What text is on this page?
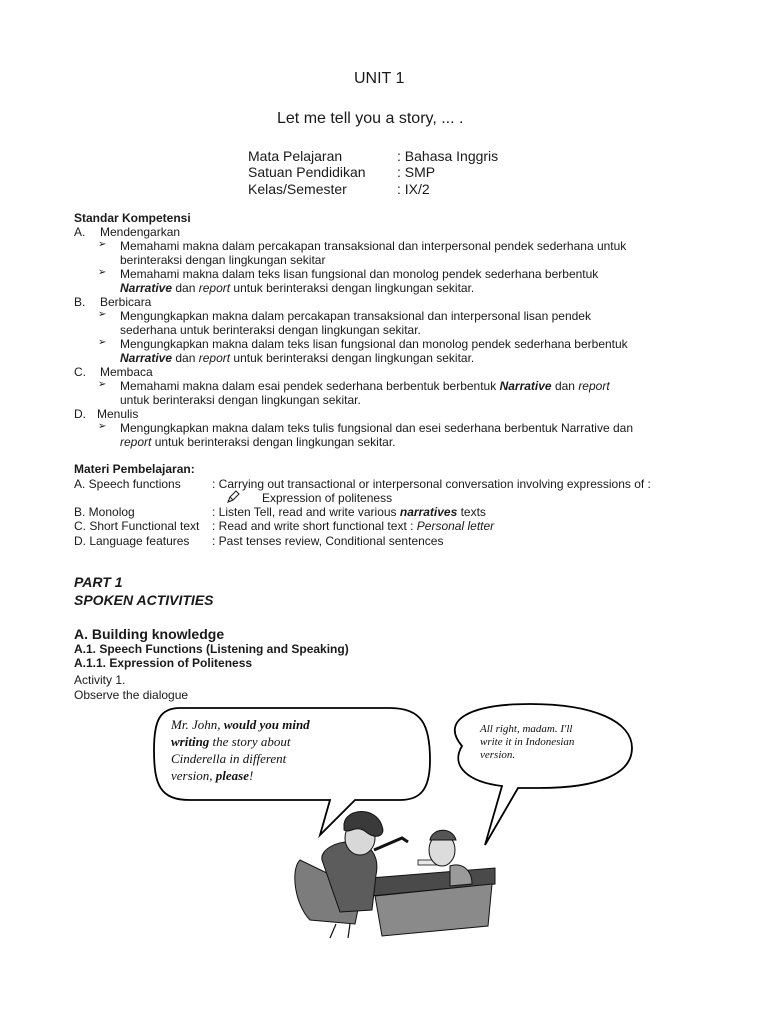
UNIT 1
Let me tell you a story, ... .
Mata Pelajaran	: Bahasa Inggris
Satuan Pendidikan : SMP
Kelas/Semester	: IX/2
Standar Kompetensi
A. Mendengarkan
➢ Memahami makna dalam percakapan transaksional dan interpersonal pendek sederhana untuk
berinteraksi dengan lingkungan sekitar
➢ Memahami makna dalam teks lisan fungsional dan monolog pendek sederhana berbentuk
Narrative dan report untuk berinteraksi dengan lingkungan sekitar.
B. Berbicara
➢ Mengungkapkan makna dalam percakapan transaksional dan interpersonal lisan pendek
sederhana untuk berinteraksi dengan lingkungan sekitar.
➢ Mengungkapkan makna dalam teks lisan fungsional dan monolog pendek sederhana berbentuk
Narrative dan report untuk berinteraksi dengan lingkungan sekitar.
C. Membaca
➢ Memahami makna dalam esai pendek sederhana berbentuk berbentuk Narrative dan report
untuk berinteraksi dengan lingkungan sekitar.
D. Menulis
➢ Mengungkapkan makna dalam teks tulis fungsional dan esei sederhana berbentuk Narrative dan
report untuk berinteraksi dengan lingkungan sekitar.
Materi Pembelajaran:
A. Speech functions	: Carrying out transactional or interpersonal conversation involving expressions of :
Expression of politeness
B. Monolog	: Listen Tell, read and write various narratives texts
C. Short Functional text : Read and write short functional text : Personal letter
D. Language features : Past tenses review, Conditional sentences
PART 1
SPOKEN ACTIVITIES
A. Building knowledge
A.1. Speech Functions (Listening and Speaking)
A.1.1. Expression of Politeness
Activity 1.
Observe the dialogue
Mr. John, would you mind
writing the story about
Cinderella in different
version, please!
All right, madam. I'll
write it in Indonesian
version.
